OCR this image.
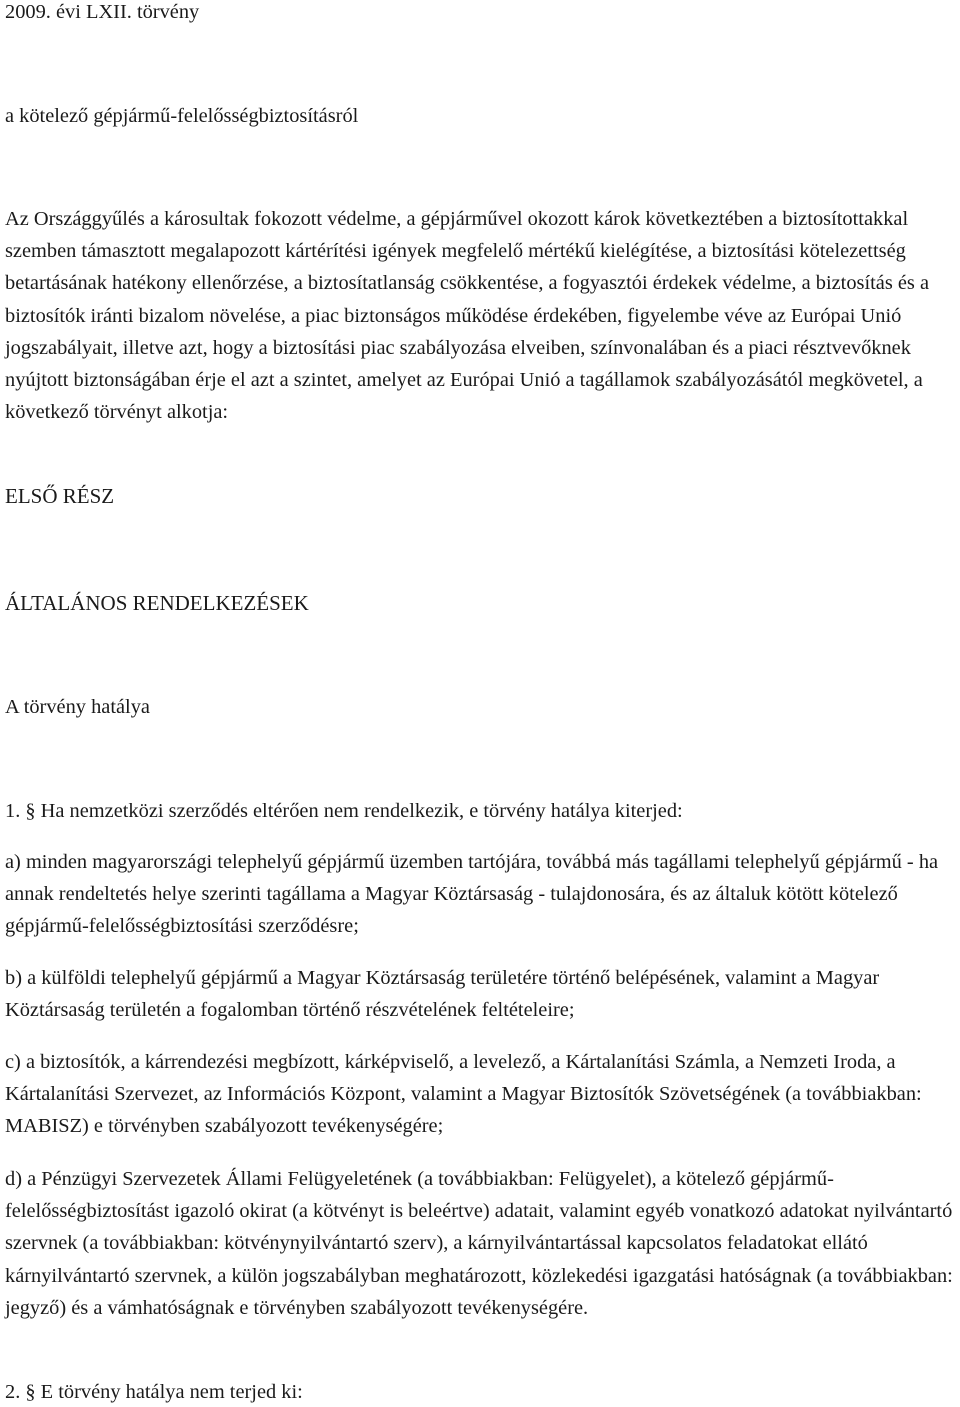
2009. évi LXII. törvény
a kötelező gépjármű-felelősségbiztosításról
Az Országgyűlés a károsultak fokozott védelme, a gépjárművel okozott károk következtében a biztosítottakkal szemben támasztott megalapozott kártérítési igények megfelelő mértékű kielégítése, a biztosítási kötelezettség betartásának hatékony ellenőrzése, a biztosítatlanság csökkentése, a fogyasztói érdekek védelme, a biztosítás és a biztosítók iránti bizalom növelése, a piac biztonságos működése érdekében, figyelembe véve az Európai Unió jogszabályait, illetve azt, hogy a biztosítási piac szabályozása elveiben, színvonalában és a piaci résztvevőknek nyújtott biztonságában érje el azt a szintet, amelyet az Európai Unió a tagállamok szabályozásától megkövetel, a következő törvényt alkotja:
ELSŐ RÉSZ
ÁLTALÁNOS RENDELKEZÉSEK
A törvény hatálya
1. § Ha nemzetközi szerződés eltérően nem rendelkezik, e törvény hatálya kiterjed:
a) minden magyarországi telephelyű gépjármű üzemben tartójára, továbbá más tagállami telephelyű gépjármű - ha annak rendeltetés helye szerinti tagállama a Magyar Köztársaság - tulajdonosára, és az általuk kötött kötelező gépjármű-felelősségbiztosítási szerződésre;
b) a külföldi telephelyű gépjármű a Magyar Köztársaság területére történő belépésének, valamint a Magyar Köztársaság területén a fogalomban történő részvételének feltételeire;
c) a biztosítók, a kárrendezési megbízott, kárképviselő, a levelező, a Kártalanítási Számla, a Nemzeti Iroda, a Kártalanítási Szervezet, az Információs Központ, valamint a Magyar Biztosítók Szövetségének (a továbbiakban: MABISZ) e törvényben szabályozott tevékenységére;
d) a Pénzügyi Szervezetek Állami Felügyeletének (a továbbiakban: Felügyelet), a kötelező gépjármű-felelősségbiztosítást igazoló okirat (a kötvényt is beleértve) adatait, valamint egyéb vonatkozó adatokat nyilvántartó szervnek (a továbbiakban: kötvénynyilvántartó szerv), a kárnyilvántartással kapcsolatos feladatokat ellátó kárnyilvántartó szervnek, a külön jogszabályban meghatározott, közlekedési igazgatási hatóságnak (a továbbiakban: jegyző) és a vámhatóságnak e törvényben szabályozott tevékenységére.
2. § E törvény hatálya nem terjed ki:
